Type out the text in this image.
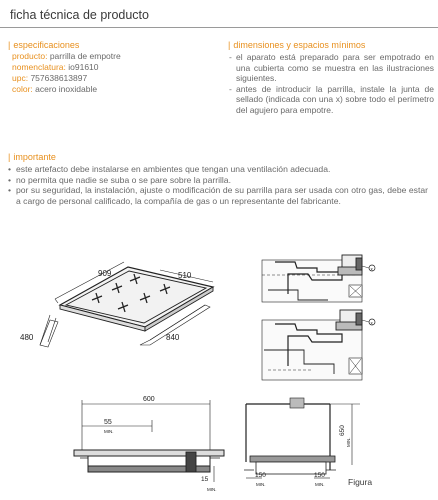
ficha técnica de producto
| especificaciones
producto: parrilla de empotre
nomenclatura: io91610
upc: 757638613897
color: acero inoxidable
| dimensiones y espacios mínimos
- el aparato está preparado para ser empotrado en una cubierta como se muestra en las ilustraciones siguientes.
- antes de introducir la parrilla, instale la junta de sellado (indicada con una x) sobre todo el perímetro del agujero para empotre.
| importante
• este artefacto debe instalarse en ambientes que tengan una ventilación adecuada.
• no permita que nadie se suba o se pare sobre la parrilla.
• por su seguridad, la instalación, ajuste o modificación de su parrilla para ser usada con otro gas, debe estar a cargo de personal calificado, la compañía de gas o un representante del fabricante.
909	510
480	840
x
x
600
55
MIN.
15
MIN.
650
MIN.
150
MIN.
150
MIN.	Figura
